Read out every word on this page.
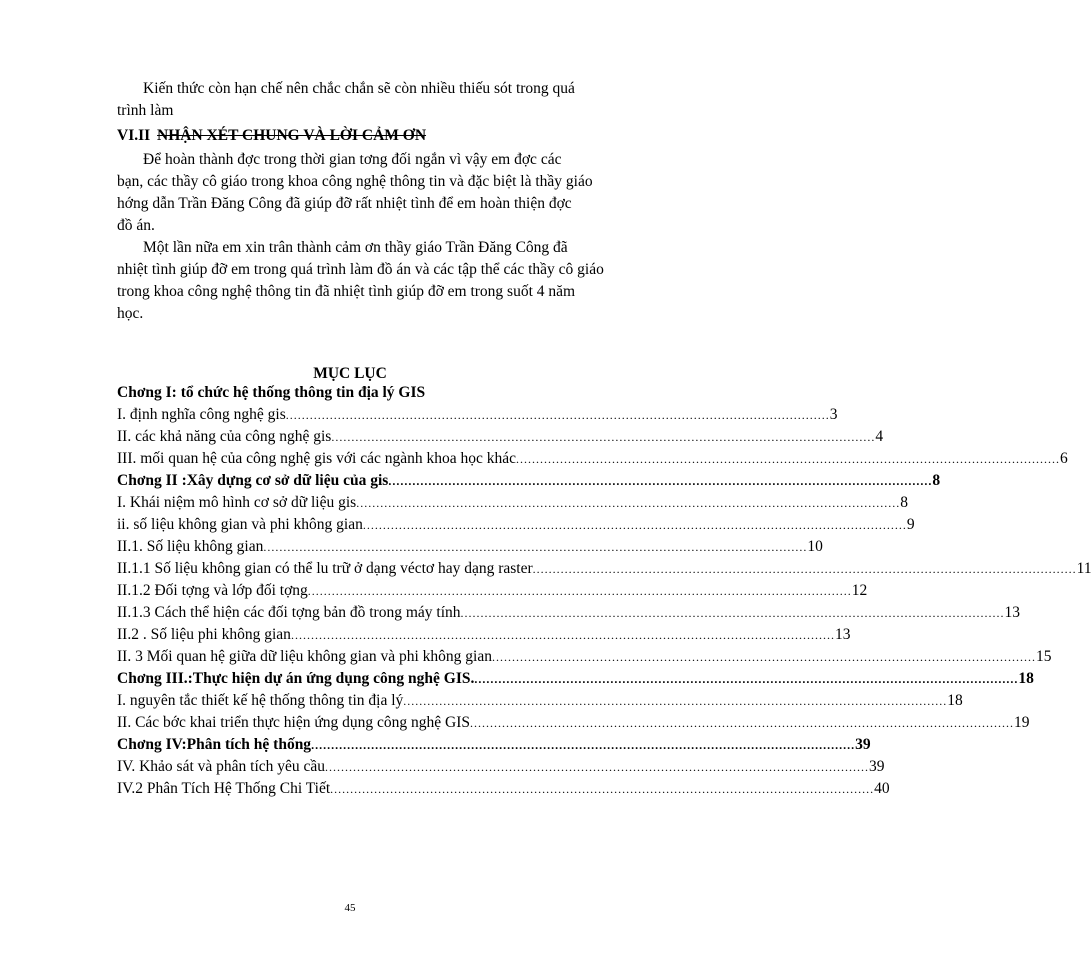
Kiến thức còn hạn chế nên chắc chắn sẽ còn nhiều thiếu sót trong quá
trình làm
VI.II NHẬN XÉT CHUNG VÀ LỜI CẢM ƠN
Để hoàn thành đợc trong thời gian tơng đối ngắn vì vậy em đợc các
bạn, các thầy cô giáo trong khoa công nghệ thông tin và đặc biệt là thầy giáo
hớng dẫn Trần Đăng Công đã giúp đỡ rất nhiệt tình để em hoàn thiện đợc
đồ án.
Một lần nữa em xin trân thành cảm ơn thầy giáo Trần Đăng Công đã
nhiệt tình giúp đỡ em trong quá trình làm đồ án và các tập thể các thầy cô giáo
trong khoa công nghệ thông tin đã nhiệt tình giúp đỡ em trong suốt 4 năm
học.
MỤC LỤC
Chơng I: tổ chức hệ thống thông tin địa lý GIS
I. định nghĩa công nghệ gis ........................................................................................................................................ 3
II. các khả năng của công nghệ gis ........................................................................................................................................ 4
III. mối quan hệ của công nghệ gis với các ngành khoa học khác ........................................................................................................................................ 6
Chơng II :Xây dựng cơ sở dữ liệu của gis ........................................................................................................................................ 8
I. Khái niệm mô hình cơ sở dữ liệu gis ........................................................................................................................................ 8
ii. số liệu không gian và phi không gian ........................................................................................................................................ 9
II.1. Số liệu không gian ........................................................................................................................................ 10
II.1.1 Số liệu không gian có thể lu trữ ở dạng véctơ hay dạng raster ........................................................................................................................................ 11
II.1.2 Đối tợng và lớp đối tợng ........................................................................................................................................ 12
II.1.3 Cách thể hiện các đối tợng bản đồ trong máy tính ........................................................................................................................................ 13
II.2 . Số liệu phi không gian ........................................................................................................................................ 13
II. 3 Mối quan hệ giữa dữ liệu không gian và phi không gian ........................................................................................................................................ 15
Chơng III.:Thực hiện dự án ứng dụng công nghệ GIS. ........................................................................................................................................ 18
I. nguyên tắc thiết kế hệ thống thông tin địa lý ........................................................................................................................................ 18
II. Các bớc khai triển thực hiện ứng dụng công nghệ GIS ........................................................................................................................................ 19
Chơng IV:Phân tích hệ thống ........................................................................................................................................ 39
IV. Khảo sát và phân tích yêu cầu ........................................................................................................................................ 39
IV.2 Phân Tích Hệ Thống Chi Tiết ........................................................................................................................................ 40
45
